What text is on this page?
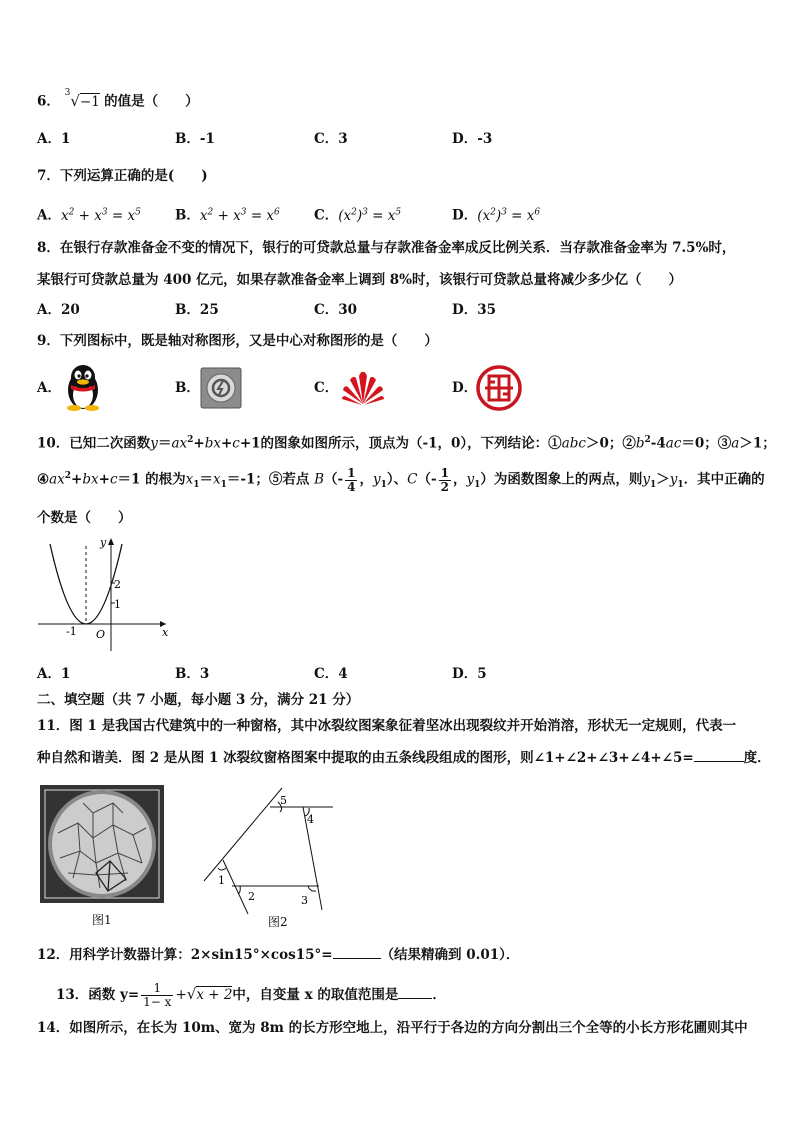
6． $^3$√−1 的值是（　　）
A．1	B．-1	C．3	D．-3
7．下列运算正确的是(　　)
A．$x^2 + x^3 = x^5$	B．$x^2 + x^3 = x^6$	C．$(x^2)^3 = x^5$	D．$(x^2)^3 = x^6$
8．在银行存款准备金不变的情况下，银行的可贷款总量与存款准备金率成反比例关系．当存款准备金率为 7.5%时，
某银行可贷款总量为 400 亿元，如果存款准备金率上调到 8%时，该银行可贷款总量将减少多少亿（　　）
A．20	B．25	C．30	D．35
9．下列图标中，既是轴对称图形，又是中心对称图形的是（　　）
A．	B．	C．	D．
10．已知二次函数$y=ax^2+bx+c+1$的图象如图所示，顶点为（-1，0），下列结论：①abc＞0；$②b^2-4ac=0$；③a＞1；
$④ax^2+bx+c=1$ 的根为$x_1=x_1=-1$；⑤若点 $B(- \frac{1}{4}$ ，$y_1$）、$C(- \frac{1}{2}$ ，$y_1$）为函数图象上的两点，则$y_1>y_1$．其中正确的
个数是（　　）
y
x
O
-1
1
2
A．1	B．3	C．4	D．5
二、填空题（共 7 小题，每小题 3 分，满分 21 分）
11．图 1 是我国古代建筑中的一种窗格，其中冰裂纹图案象征着坚冰出现裂纹并开始消溶，形状无一定规则，代表一
种自然和谐美．图 2 是从图 1 冰裂纹窗格图案中提取的由五条线段组成的图形，则∠1+∠2+∠3+∠4+∠5=	度．
图1
5
4
1
2	3
图2
12．用科学计数器计算：2×sin15°×cos15°=	（结果精确到 0.01）．
13．函数 $y= \frac{1}{1- x} +√x + 2$中，自变量 x 的取值范围是	．
14．如图所示，在长为 10m、宽为 8m 的长方形空地上，沿平行于各边的方向分割出三个全等的小长方形花圃则其中
